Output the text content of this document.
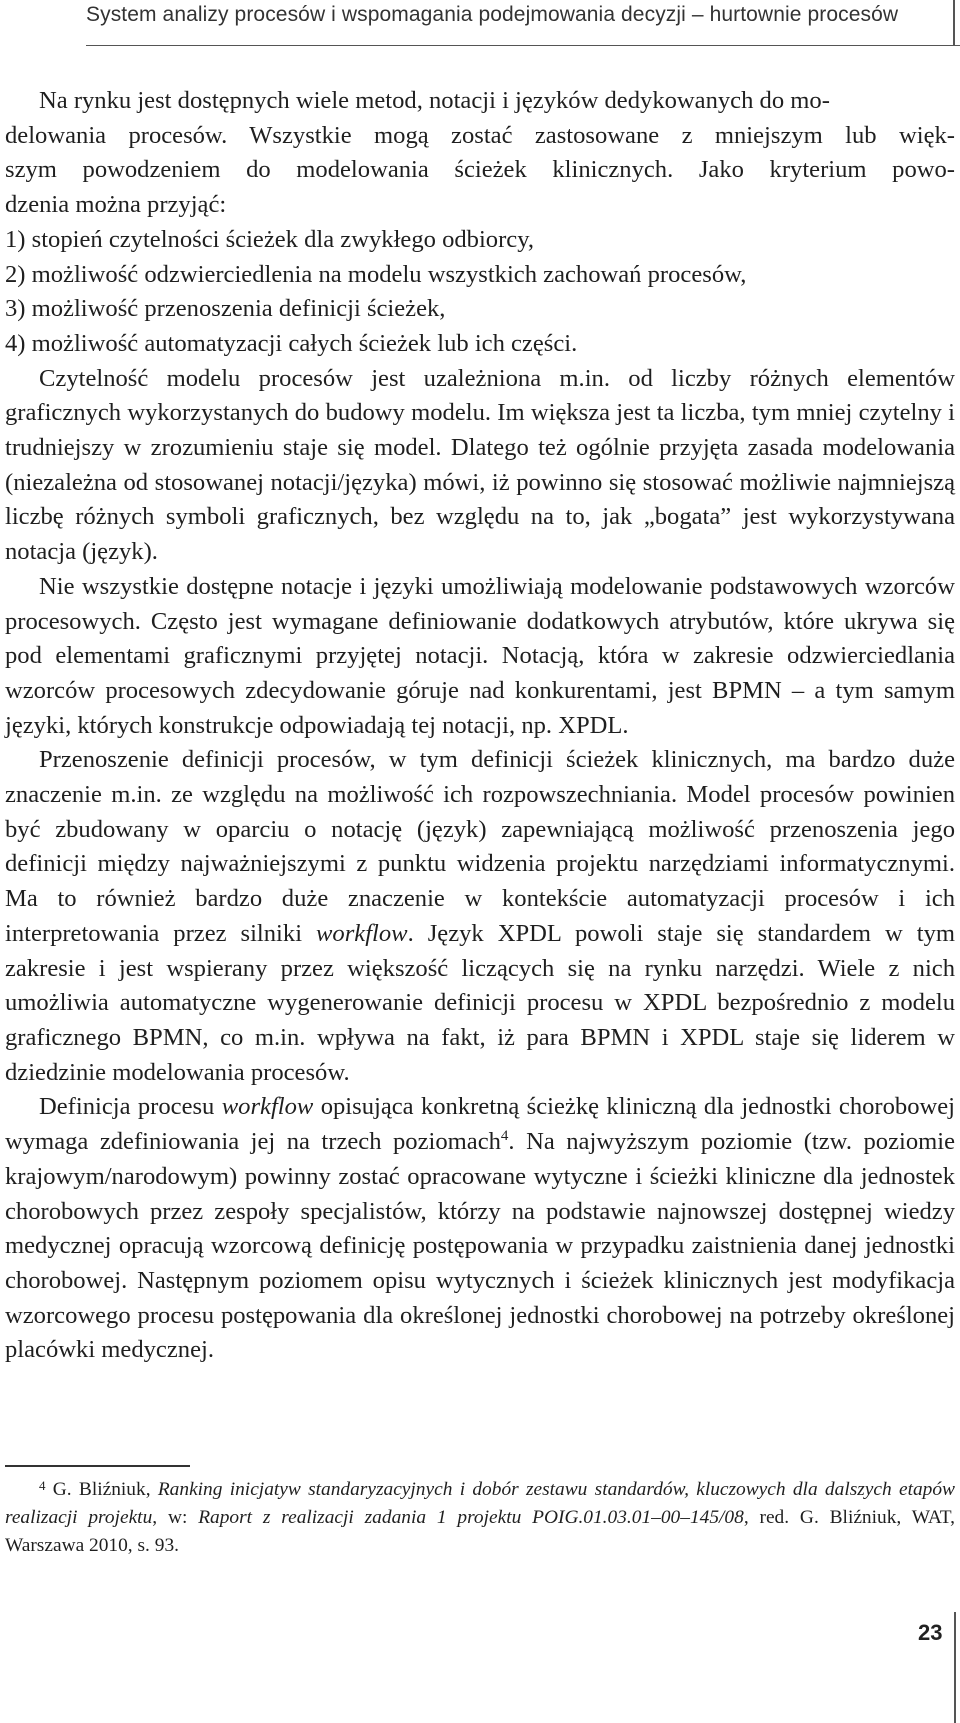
System analizy procesów i wspomagania podejmowania decyzji – hurtownie procesów

Na rynku jest dostępnych wiele metod, notacji i języków dedykowanych do mo-
delowania procesów. Wszystkie mogą zostać zastosowane z mniejszym lub więk-
szym powodzeniem do modelowania ścieżek klinicznych. Jako kryterium powo-
dzenia można przyjąć:

1) stopień czytelności ścieżek dla zwykłego odbiorcy,

2) możliwość odzwierciedlenia na modelu wszystkich zachowań procesów,

3) możliwość przenoszenia definicji ścieżek,

4) możliwość automatyzacji całych ścieżek lub ich części.

Czytelność modelu procesów jest uzależniona m.in. od liczby różnych elementów graficznych wykorzystanych do budowy modelu. Im większa jest ta liczba, tym mniej czytelny i trudniejszy w zrozumieniu staje się model. Dlatego też ogólnie przyjęta zasada modelowania (niezależna od stosowanej notacji/języka) mówi, iż powinno się stosować możliwie najmniejszą liczbę różnych symboli graficznych, bez względu na to, jak „bogata” jest wykorzystywana notacja (język).

Nie wszystkie dostępne notacje i języki umożliwiają modelowanie podstawowych wzorców procesowych. Często jest wymagane definiowanie dodatkowych atrybutów, które ukrywa się pod elementami graficznymi przyjętej notacji. Notacją, która w zakresie odzwierciedlania wzorców procesowych zdecydowanie góruje nad konkurentami, jest BPMN – a tym samym języki, których konstrukcje odpowiadają tej notacji, np. XPDL.

Przenoszenie definicji procesów, w tym definicji ścieżek klinicznych, ma bardzo duże znaczenie m.in. ze względu na możliwość ich rozpowszechniania. Model procesów powinien być zbudowany w oparciu o notację (język) zapewniającą możliwość przenoszenia jego definicji między najważniejszymi z punktu widzenia projektu narzędziami informatycznymi. Ma to również bardzo duże znaczenie w kontekście automatyzacji procesów i ich interpretowania przez silniki workflow. Język XPDL powoli staje się standardem w tym zakresie i jest wspierany przez większość liczących się na rynku narzędzi. Wiele z nich umożliwia automatyczne wygenerowanie definicji procesu w XPDL bezpośrednio z modelu graficznego BPMN, co m.in. wpływa na fakt, iż para BPMN i XPDL staje się liderem w dziedzinie modelowania procesów.

Definicja procesu workflow opisująca konkretną ścieżkę kliniczną dla jednostki chorobowej wymaga zdefiniowania jej na trzech poziomach$^4$. Na najwyższym poziomie (tzw. poziomie krajowym/narodowym) powinny zostać opracowane wytyczne i ścieżki kliniczne dla jednostek chorobowych przez zespoły specjalistów, którzy na podstawie najnowszej dostępnej wiedzy medycznej opracują wzorcową definicję postępowania w przypadku zaistnienia danej jednostki chorobowej. Następnym poziomem opisu wytycznych i ścieżek klinicznych jest modyfikacja wzorcowego procesu postępowania dla określonej jednostki chorobowej na potrzeby określonej placówki medycznej.

$^4$ G. Bliźniuk, Ranking inicjatyw standaryzacyjnych i dobór zestawu standardów, kluczowych dla dalszych etapów realizacji projektu, w: Raport z realizacji zadania 1 projektu POIG.01.03.01–00–145/08, red. G. Bliźniuk, WAT, Warszawa 2010, s. 93.
23
